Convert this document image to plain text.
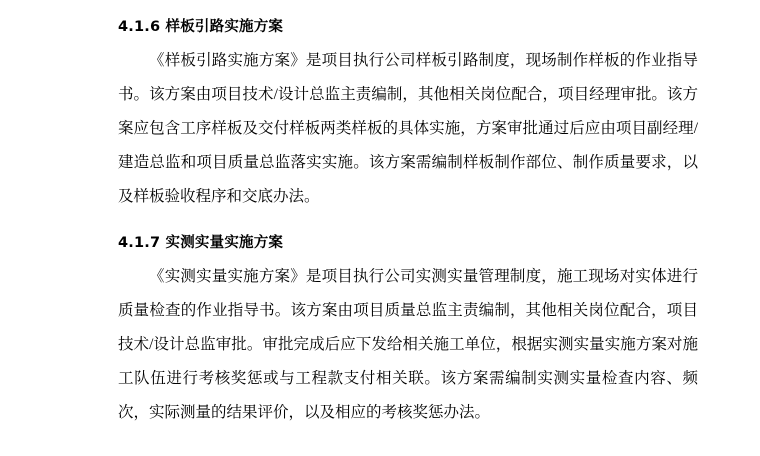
4.1.6 样板引路实施方案

《样板引路实施方案》是项目执行公司样板引路制度，现场制作样板的作业指导书。该方案由项目技术/设计总监主责编制，其他相关岗位配合，项目经理审批。该方案应包含工序样板及交付样板两类样板的具体实施，方案审批通过后应由项目副经理/建造总监和项目质量总监落实实施。该方案需编制样板制作部位、制作质量要求，以及样板验收程序和交底办法。

4.1.7 实测实量实施方案

《实测实量实施方案》是项目执行公司实测实量管理制度，施工现场对实体进行质量检查的作业指导书。该方案由项目质量总监主责编制，其他相关岗位配合，项目技术/设计总监审批。审批完成后应下发给相关施工单位，根据实测实量实施方案对施工队伍进行考核奖惩或与工程款支付相关联。该方案需编制实测实量检查内容、频次，实际测量的结果评价，以及相应的考核奖惩办法。
